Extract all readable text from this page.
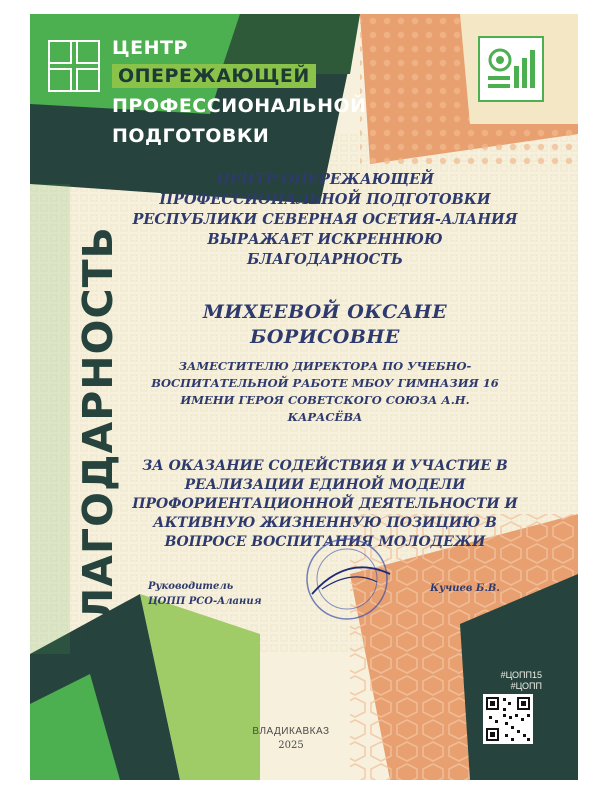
ЦЕНТР
ОПЕРЕЖАЮЩЕЙ
ПРОФЕССИОНАЛЬНОЙ
ПОДГОТОВКИ
БЛАГОДАРНОСТЬ
ЦЕНТР ОПЕРЕЖАЮЩЕЙ ПРОФЕССИОНАЛЬНОЙ ПОДГОТОВКИ РЕСПУБЛИКИ СЕВЕРНАЯ ОСЕТИЯ-АЛАНИЯ ВЫРАЖАЕТ ИСКРЕННЮЮ БЛАГОДАРНОСТЬ
МИХЕЕВОЙ ОКСАНЕ
БОРИСОВНЕ
ЗАМЕСТИТЕЛЮ ДИРЕКТОРА ПО УЧЕБНО-ВОСПИТАТЕЛЬНОЙ РАБОТЕ МБОУ ГИМНАЗИЯ 16 ИМЕНИ ГЕРОЯ СОВЕТСКОГО СОЮЗА А.Н. КАРАСЁВА
ЗА ОКАЗАНИЕ СОДЕЙСТВИЯ И УЧАСТИЕ В РЕАЛИЗАЦИИ ЕДИНОЙ МОДЕЛИ ПРОФОРИЕНТАЦИОННОЙ ДЕЯТЕЛЬНОСТИ И АКТИВНУЮ ЖИЗНЕННУЮ ПОЗИЦИЮ В ВОПРОСЕ ВОСПИТАНИЯ МОЛОДЕЖИ
Руководитель
ЦОПП РСО-Алания
Кучиев Б.В.
ВЛАДИКАВКАЗ
2025
#ЦОПП15
#ЦОПП
